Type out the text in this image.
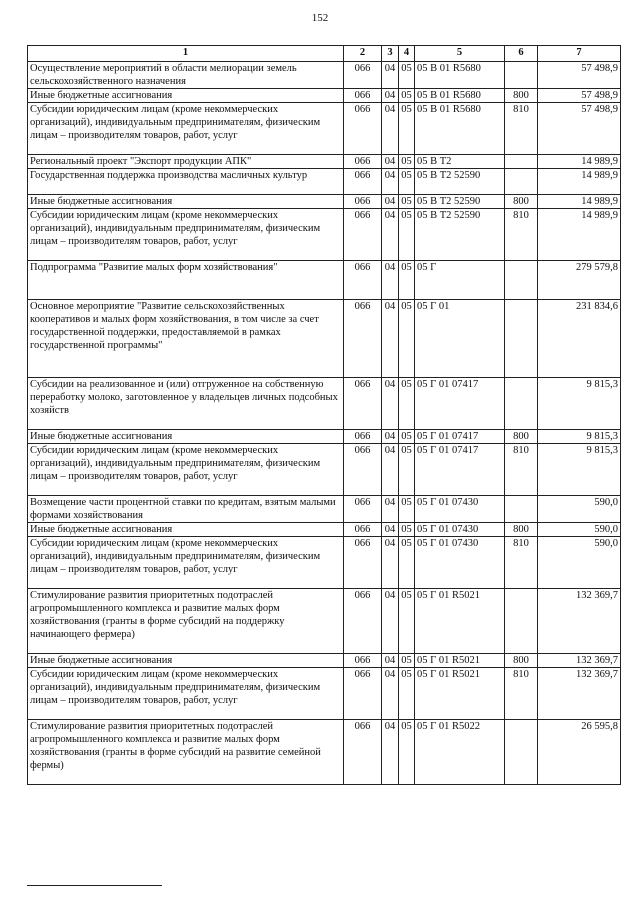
152
1	2	3	4	5	6	7
Осуществление мероприятий в области мелиорации земель сельскохозяйственного назначения	066	04	05	05 В 01 R5680		57 498,9
Иные бюджетные ассигнования	066	04	05	05 В 01 R5680	800	57 498,9
Субсидии юридическим лицам (кроме некоммерческих организаций), индивидуальным предпринимателям, физическим лицам – производителям товаров, работ, услуг	066	04	05	05 В 01 R5680	810	57 498,9
Региональный проект "Экспорт продукции АПК"	066	04	05	05 В Т2		14 989,9
Государственная поддержка производства масличных культур	066	04	05	05 В Т2 52590		14 989,9
Иные бюджетные ассигнования	066	04	05	05 В Т2 52590	800	14 989,9
Субсидии юридическим лицам (кроме некоммерческих организаций), индивидуальным предпринимателям, физическим лицам – производителям товаров, работ, услуг	066	04	05	05 В Т2 52590	810	14 989,9
Подпрограмма "Развитие малых форм хозяйствования"	066	04	05	05 Г		279 579,8
Основное мероприятие "Развитие сельскохозяйственных кооперативов и малых форм хозяйствования, в том числе за счет государственной поддержки, предоставляемой в рамках государственной программы"	066	04	05	05 Г 01		231 834,6
Субсидии на реализованное и (или) отгруженное на собственную переработку молоко, заготовленное у владельцев личных подсобных хозяйств	066	04	05	05 Г 01 07417		9 815,3
Иные бюджетные ассигнования	066	04	05	05 Г 01 07417	800	9 815,3
Субсидии юридическим лицам (кроме некоммерческих организаций), индивидуальным предпринимателям, физическим лицам – производителям товаров, работ, услуг	066	04	05	05 Г 01 07417	810	9 815,3
Возмещение части процентной ставки по кредитам, взятым малыми формами хозяйствования	066	04	05	05 Г 01 07430		590,0
Иные бюджетные ассигнования	066	04	05	05 Г 01 07430	800	590,0
Субсидии юридическим лицам (кроме некоммерческих организаций), индивидуальным предпринимателям, физическим лицам – производителям товаров, работ, услуг	066	04	05	05 Г 01 07430	810	590,0
Стимулирование развития приоритетных подотраслей агропромышленного комплекса и развитие малых форм хозяйствования (гранты в форме субсидий на поддержку начинающего фермера)	066	04	05	05 Г 01 R5021		132 369,7
Иные бюджетные ассигнования	066	04	05	05 Г 01 R5021	800	132 369,7
Субсидии юридическим лицам (кроме некоммерческих организаций), индивидуальным предпринимателям, физическим лицам – производителям товаров, работ, услуг	066	04	05	05 Г 01 R5021	810	132 369,7
Стимулирование развития приоритетных подотраслей агропромышленного комплекса и развитие малых форм хозяйствования (гранты в форме субсидий на развитие семейной фермы)	066	04	05	05 Г 01 R5022		26 595,8
